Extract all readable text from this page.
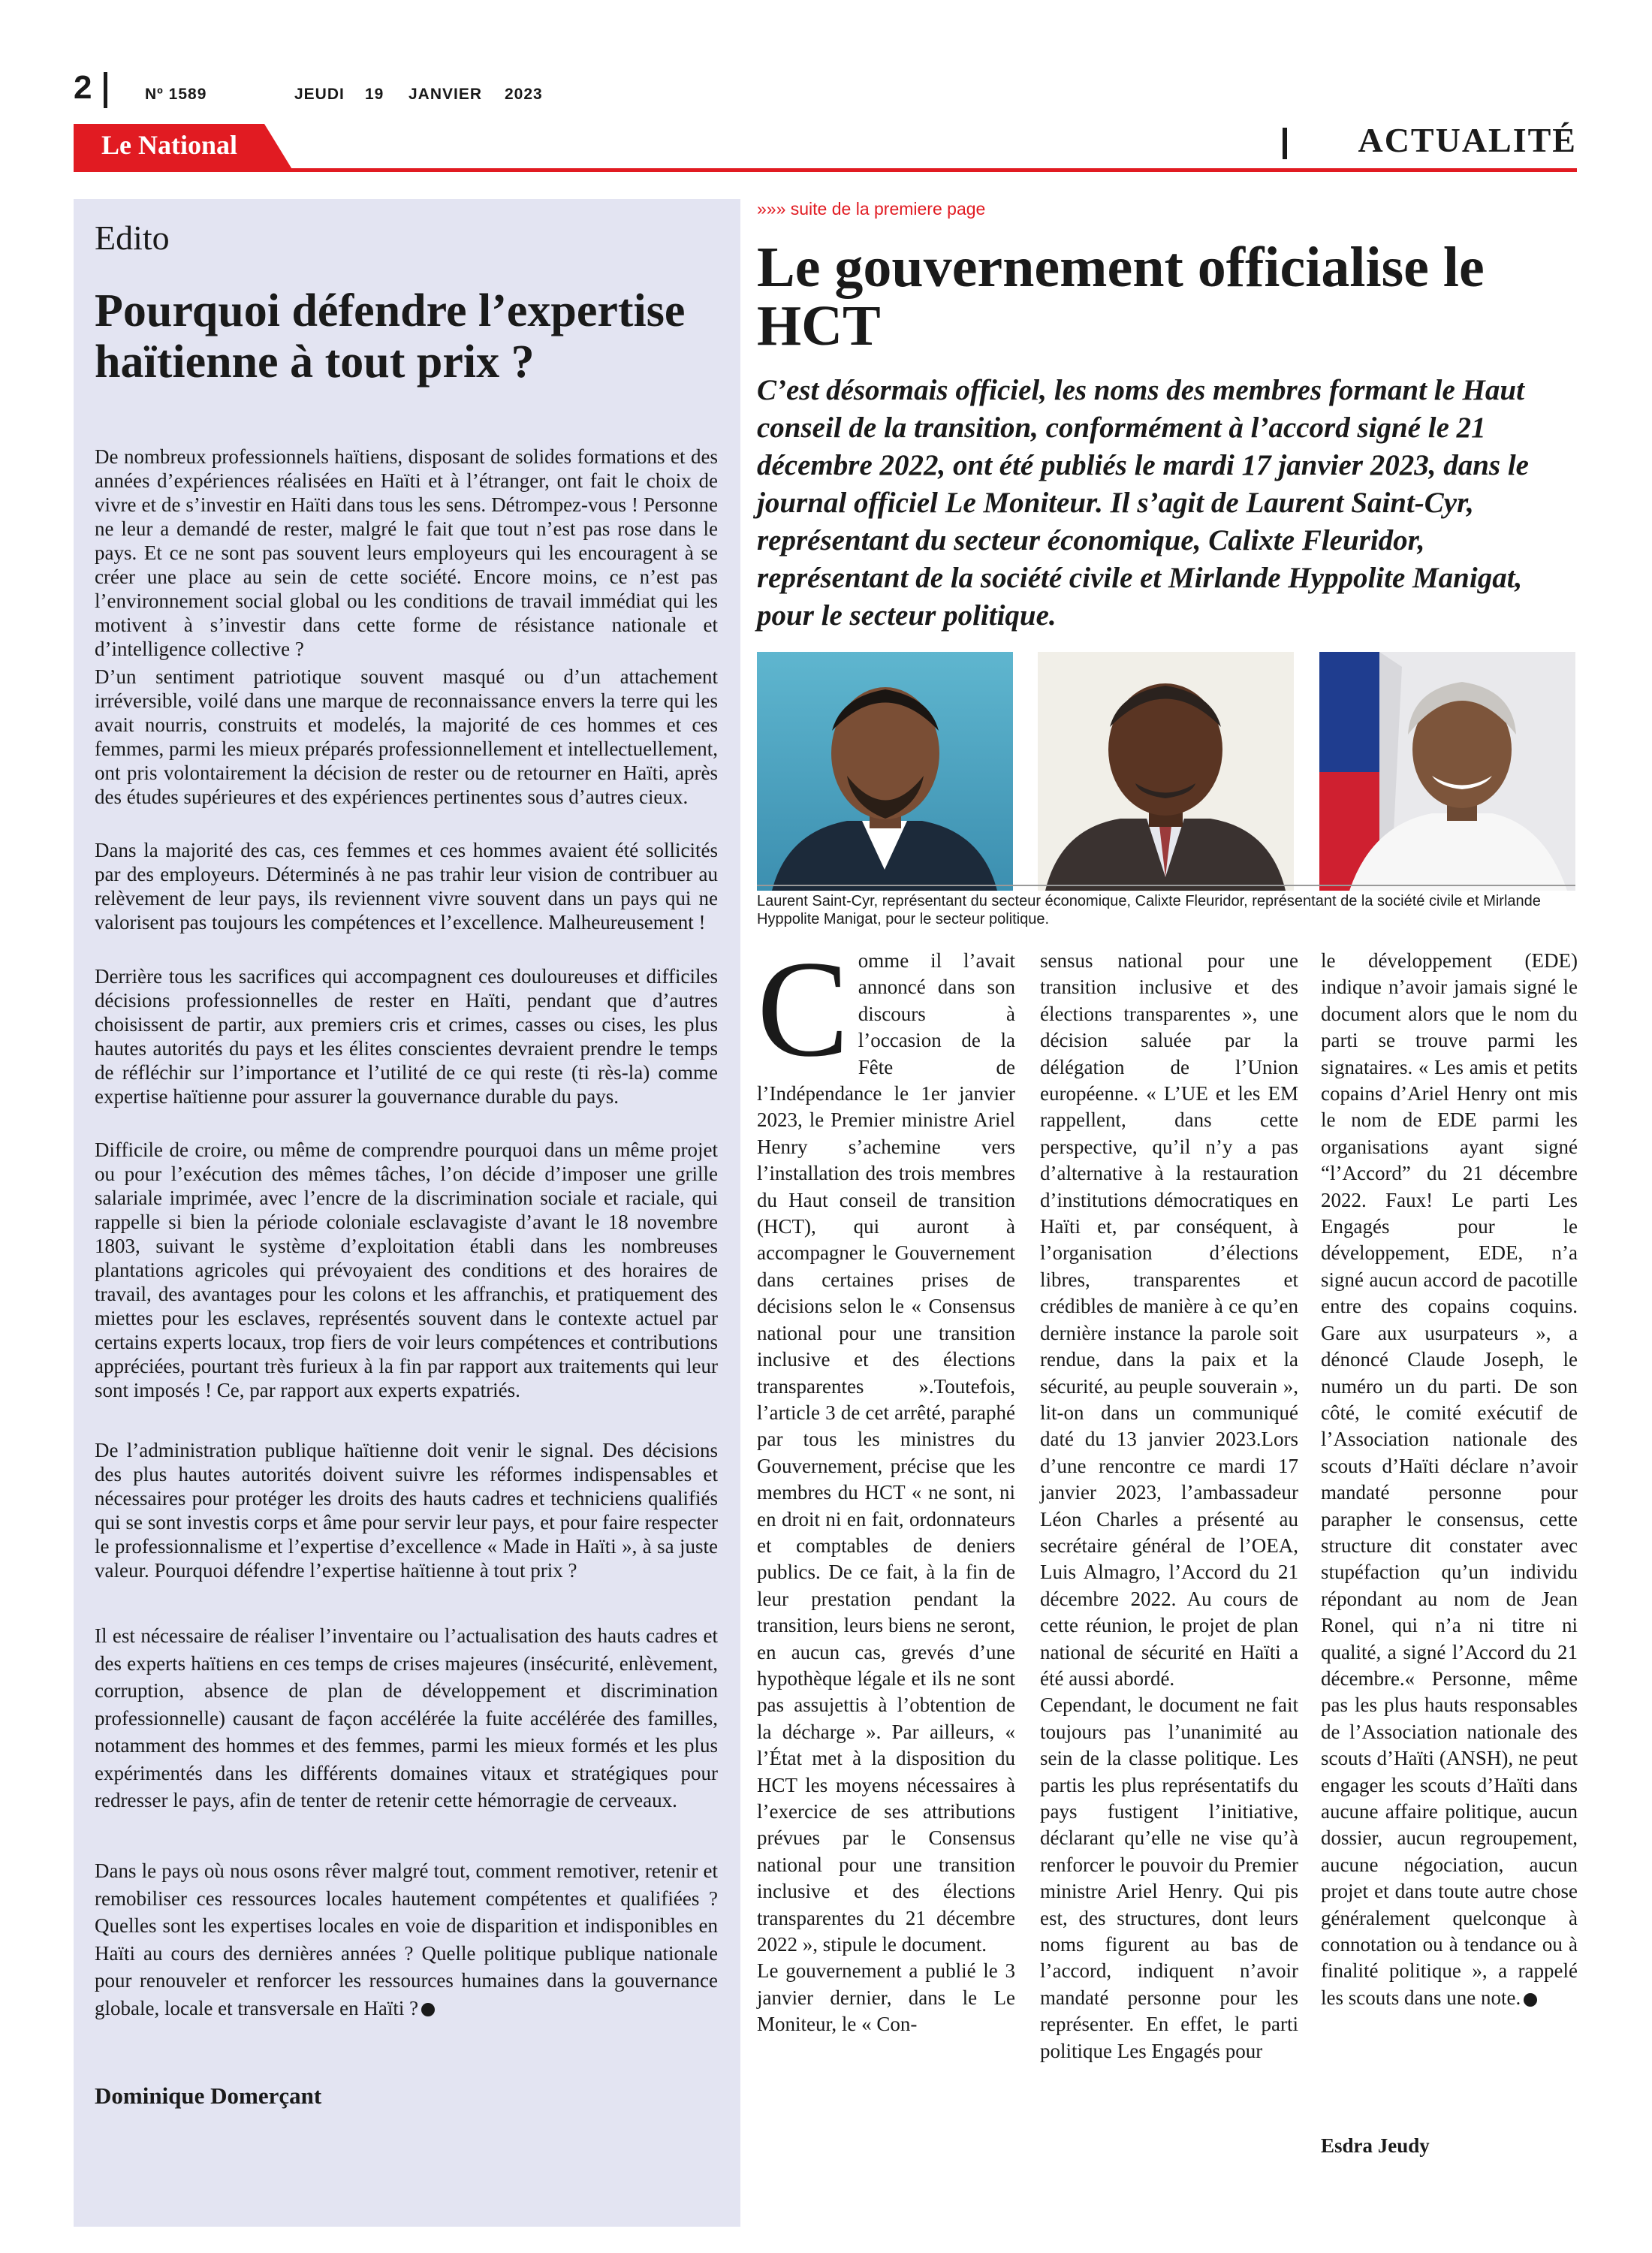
2	Nº 1589	JEUDI 19 JANVIER 2023
Le National	ACTUALITÉ
Edito
Pourquoi défendre l’expertise haïtienne à tout prix ?
De nombreux professionnels haïtiens, disposant de solides formations et des années d’expériences réalisées en Haïti et à l’étranger, ont fait le choix de vivre et de s’investir en Haïti dans tous les sens. Détrompez-vous ! Personne ne leur a demandé de rester, malgré le fait que tout n’est pas rose dans le pays. Et ce ne sont pas souvent leurs employeurs qui les encouragent à se créer une place au sein de cette société. Encore moins, ce n’est pas l’environnement social global ou les conditions de travail immédiat qui les motivent à s’investir dans cette forme de résistance nationale et d’intelligence collective ?
D’un sentiment patriotique souvent masqué ou d’un attachement irréversible, voilé dans une marque de reconnaissance envers la terre qui les avait nourris, construits et modelés, la majorité de ces hommes et ces femmes, parmi les mieux préparés professionnellement et intellectuellement, ont pris volontairement la décision de rester ou de retourner en Haïti, après des études supérieures et des expériences pertinentes sous d’autres cieux.
Dans la majorité des cas, ces femmes et ces hommes avaient été sollicités par des employeurs. Déterminés à ne pas trahir leur vision de contribuer au relèvement de leur pays, ils reviennent vivre souvent dans un pays qui ne valorisent pas toujours les compétences et l’excellence. Malheureusement !
Derrière tous les sacrifices qui accompagnent ces douloureuses et difficiles décisions professionnelles de rester en Haïti, pendant que d’autres choisissent de partir, aux premiers cris et crimes, casses ou cises, les plus hautes autorités du pays et les élites conscientes devraient prendre le temps de réfléchir sur l’importance et l’utilité de ce qui reste (ti rès-la) comme expertise haïtienne pour assurer la gouvernance durable du pays.
Difficile de croire, ou même de comprendre pourquoi dans un même projet ou pour l’exécution des mêmes tâches, l’on décide d’imposer une grille salariale imprimée, avec l’encre de la discrimination sociale et raciale, qui rappelle si bien la période coloniale esclavagiste d’avant le 18 novembre 1803, suivant le système d’exploitation établi dans les nombreuses plantations agricoles qui prévoyaient des conditions et des horaires de travail, des avantages pour les colons et les affranchis, et pratiquement des miettes pour les esclaves, représentés souvent dans le contexte actuel par certains experts locaux, trop fiers de voir leurs compétences et contributions appréciées, pourtant très furieux à la fin par rapport aux traitements qui leur sont imposés ! Ce, par rapport aux experts expatriés.
De l’administration publique haïtienne doit venir le signal. Des décisions des plus hautes autorités doivent suivre les réformes indispensables et nécessaires pour protéger les droits des hauts cadres et techniciens qualifiés qui se sont investis corps et âme pour servir leur pays, et pour faire respecter le professionnalisme et l’expertise d’excellence « Made in Haïti », à sa juste valeur. Pourquoi défendre l’expertise haïtienne à tout prix ?
Il est nécessaire de réaliser l’inventaire ou l’actualisation des hauts cadres et des experts haïtiens en ces temps de crises majeures (insécurité, enlèvement, corruption, absence de plan de développement et discrimination professionnelle) causant de façon accélérée la fuite accélérée des familles, notamment des hommes et des femmes, parmi les mieux formés et les plus expérimentés dans les différents domaines vitaux et stratégiques pour redresser le pays, afin de tenter de retenir cette hémorragie de cerveaux.
Dans le pays où nous osons rêver malgré tout, comment remotiver, retenir et remobiliser ces ressources locales hautement compétentes et qualifiées ? Quelles sont les expertises locales en voie de disparition et indisponibles en Haïti au cours des dernières années ? Quelle politique publique nationale pour renouveler et renforcer les ressources humaines dans la gouvernance globale, locale et transversale en Haïti ?
Dominique Domerçant
»»» suite de la premiere page
Le gouvernement officialise le HCT
C’est désormais officiel, les noms des membres formant le Haut conseil de la transition, conformément à l’accord signé le 21 décembre 2022, ont été publiés le mardi 17 janvier 2023, dans le journal officiel Le Moniteur. Il s’agit de Laurent Saint-Cyr, représentant du secteur économique, Calixte Fleuridor, représentant de la société civile et Mirlande Hyppolite Manigat, pour le secteur politique.
Laurent Saint-Cyr, représentant du secteur économique, Calixte Fleuridor, représentant de la société civile et Mirlande Hyppolite Manigat, pour le secteur politique.

Comme il l’avait annoncé dans son discours à l’occasion de la Fête de l’Indépendance le 1er janvier 2023, le Premier ministre Ariel Henry s’achemine vers l’installation des trois membres du Haut conseil de transition (HCT), qui auront à accompagner le Gouvernement dans certaines prises de décisions selon le « Consensus national pour une transition inclusive et des élections transparentes ».Toutefois, l’article 3 de cet arrêté, paraphé par tous les ministres du Gouvernement, précise que les membres du HCT « ne sont, ni en droit ni en fait, ordonnateurs et comptables de deniers publics. De ce fait, à la fin de leur prestation pendant la transition, leurs biens ne seront, en aucun cas, grevés d’une hypothèque légale et ils ne sont pas assujettis à l’obtention de la décharge ». Par ailleurs, « l’État met à la disposition du HCT les moyens nécessaires à l’exercice de ses attributions prévues par le Consensus national pour une transition inclusive et des élections transparentes du 21 décembre 2022 », stipule le document.

Le gouvernement a publié le 3 janvier dernier, dans le Le Moniteur, le « Con-

sensus national pour une transition inclusive et des élections transparentes », une décision saluée par la délégation de l’Union européenne. « L’UE et les EM rappellent, dans cette perspective, qu’il n’y a pas d’alternative à la restauration d’institutions démocratiques en Haïti et, par conséquent, à l’organisation d’élections libres, transparentes et crédibles de manière à ce qu’en dernière instance la parole soit rendue, dans la paix et la sécurité, au peuple souverain », lit-on dans un communiqué daté du 13 janvier 2023.Lors d’une rencontre ce mardi 17 janvier 2023, l’ambassadeur Léon Charles a présenté au secrétaire général de l’OEA, Luis Almagro, l’Accord du 21 décembre 2022. Au cours de cette réunion, le projet de plan national de sécurité en Haïti a été aussi abordé.

Cependant, le document ne fait toujours pas l’unanimité au sein de la classe politique. Les partis les plus représentatifs du pays fustigent l’initiative, déclarant qu’elle ne vise qu’à renforcer le pouvoir du Premier ministre Ariel Henry. Qui pis est, des structures, dont leurs noms figurent au bas de l’accord, indiquent n’avoir mandaté personne pour les représenter. En effet, le parti politique Les Engagés pour

le développement (EDE) indique n’avoir jamais signé le document alors que le nom du parti se trouve parmi les signataires. « Les amis et petits copains d’Ariel Henry ont mis le nom de EDE parmi les organisations ayant signé “l’Accord” du 21 décembre 2022. Faux! Le parti Les Engagés pour le développement, EDE, n’a signé aucun accord de pacotille entre des copains coquins. Gare aux usurpateurs », a dénoncé Claude Joseph, le numéro un du parti. De son côté, le comité exécutif de l’Association nationale des scouts d’Haïti déclare n’avoir mandaté personne pour parapher le consensus, cette structure dit constater avec stupéfaction qu’un individu répondant au nom de Jean Ronel, qui n’a ni titre ni qualité, a signé l’Accord du 21 décembre.« Personne, même pas les plus hauts responsables de l’Association nationale des scouts d’Haïti (ANSH), ne peut engager les scouts d’Haïti dans aucune affaire politique, aucun dossier, aucun regroupement, aucune négociation, aucun projet et dans toute autre chose généralement quelconque à connotation ou à tendance ou à finalité politique », a rappelé les scouts dans une note.

Esdra Jeudy
